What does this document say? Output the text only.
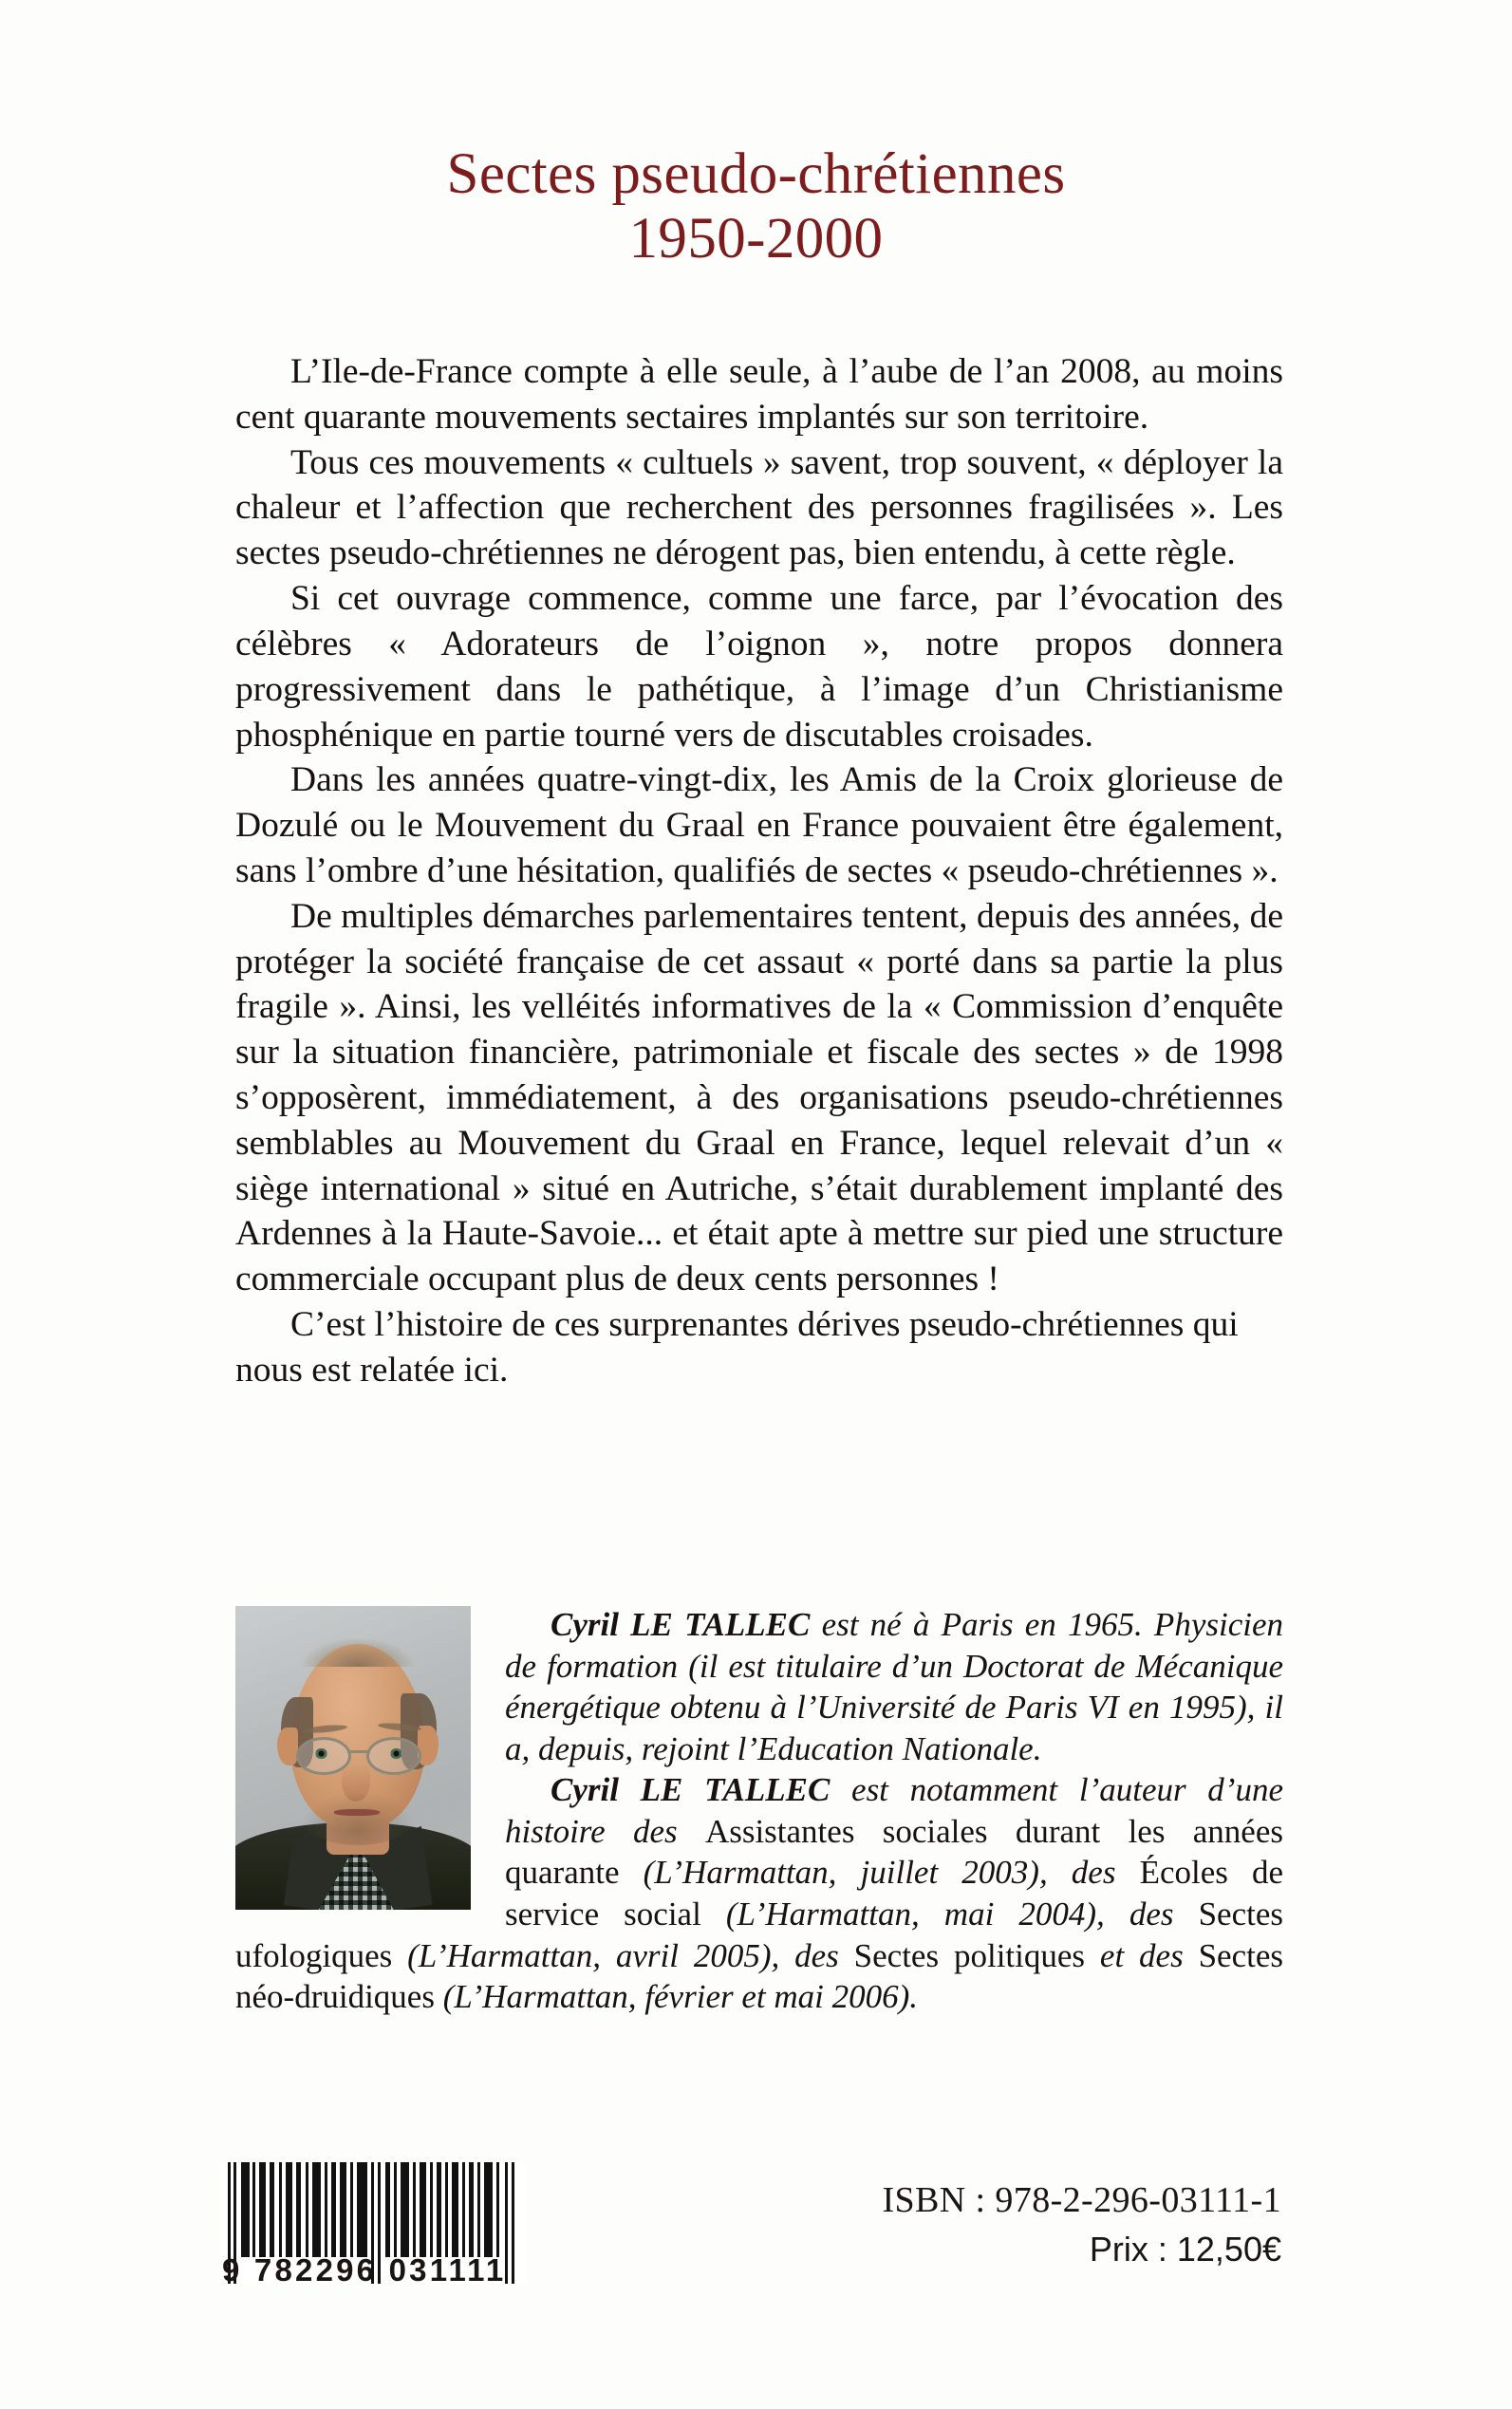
Sectes pseudo-chrétiennes
1950-2000

L’Ile-de-France compte à elle seule, à l’aube de l’an 2008, au moins cent quarante mouvements sectaires implantés sur son territoire.

Tous ces mouvements « cultuels » savent, trop souvent, « déployer la chaleur et l’affection que recherchent des personnes fragilisées ». Les sectes pseudo-chrétiennes ne dérogent pas, bien entendu, à cette règle.

Si cet ouvrage commence, comme une farce, par l’évocation des célèbres « Adorateurs de l’oignon », notre propos donnera progressivement dans le pathétique, à l’image d’un Christianisme phosphénique en partie tourné vers de discutables croisades.

Dans les années quatre-vingt-dix, les Amis de la Croix glorieuse de Dozulé ou le Mouvement du Graal en France pouvaient être également, sans l’ombre d’une hésitation, qualifiés de sectes « pseudo-chrétiennes ».

De multiples démarches parlementaires tentent, depuis des années, de protéger la société française de cet assaut « porté dans sa partie la plus fragile ». Ainsi, les velléités informatives de la « Commission d’enquête sur la situation financière, patrimoniale et fiscale des sectes » de 1998 s’opposèrent, immédiatement, à des organisations pseudo-chrétiennes semblables au Mouvement du Graal en France, lequel relevait d’un « siège international » situé en Autriche, s’était durablement implanté des Ardennes à la Haute-Savoie... et était apte à mettre sur pied une structure commerciale occupant plus de deux cents personnes !

C’est l’histoire de ces surprenantes dérives pseudo-chrétiennes qui nous est relatée ici.

Cyril LE TALLEC est né à Paris en 1965. Physicien de formation (il est titulaire d’un Doctorat de Mécanique énergétique obtenu à l’Université de Paris VI en 1995), il a, depuis, rejoint l’Education Nationale.

Cyril LE TALLEC est notamment l’auteur d’une histoire des Assistantes sociales durant les années quarante (L’Harmattan, juillet 2003), des Écoles de service social (L’Harmattan, mai 2004), des Sectes ufologiques (L’Harmattan, avril 2005), des Sectes politiques et des Sectes néo-druidiques (L’Harmattan, février et mai 2006).

9 782296 031111
ISBN : 978-2-296-03111-1
Prix : 12,50€
